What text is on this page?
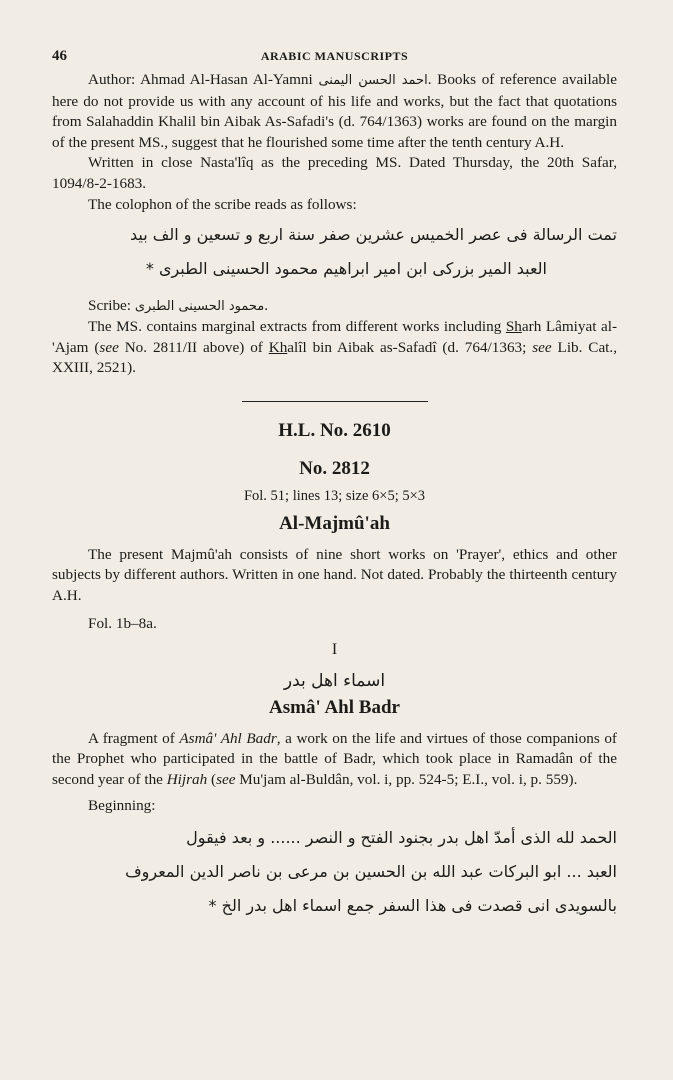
46	ARABIC MANUSCRIPTS

Author: Ahmad Al-Hasan Al-Yamni احمد الحسن اليمنى. Books of reference available here do not provide us with any account of his life and works, but the fact that quotations from Salahaddin Khalil bin Aibak As-Safadi's (d. 764/1363) works are found on the margin of the present MS., suggest that he flourished some time after the tenth century A.H.

Written in close Nasta'lîq as the preceding MS. Dated Thursday, the 20th Safar, 1094/8-2-1683.

The colophon of the scribe reads as follows:

تمت الرسالة فى عصر الخميس عشرين صفر سنة اربع و تسعين و الف بيد
العبد المير بزركى ابن امير ابراهيم محمود الحسينى الطبرى *

Scribe: محمود الحسينى الطبرى.

The MS. contains marginal extracts from different works including Sharh Lâmiyat al-'Ajam (see No. 2811/II above) of Khalîl bin Aibak as-Safadî (d. 764/1363; see Lib. Cat., XXIII, 2521).

H.L. No. 2610
No. 2812
Fol. 51; lines 13; size 6×5; 5×3
Al-Majmû'ah

The present Majmû'ah consists of nine short works on 'Prayer', ethics and other subjects by different authors. Written in one hand. Not dated. Probably the thirteenth century A.H.

Fol. 1b–8a.

I
اسماء اهل بدر
Asmâ' Ahl Badr

A fragment of Asmâ' Ahl Badr, a work on the life and virtues of those companions of the Prophet who participated in the battle of Badr, which took place in Ramadân of the second year of the Hijrah (see Mu'jam al-Buldân, vol. i, pp. 524-5; E.I., vol. i, p. 559).

Beginning:

الحمد لله الذى أمدّ اهل بدر بجنود الفتح و النصر ...... و بعد فيقول
العبد ... ابو البركات عبد الله بن الحسين بن مرعى بن ناصر الدين المعروف
بالسويدى انى قصدت فى هذا السفر جمع اسماء اهل بدر الخ *
